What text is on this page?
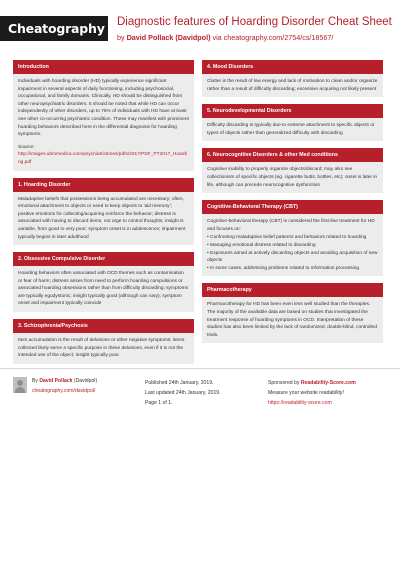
Cheatography Diagnostic features of Hoarding Disorder Cheat Sheet
by David Pollack (Davidpol) via cheatography.com/2754/cs/18567/
Introduction
Individuals with hoarding disorder (HD) typically experience significant impairment in several aspects of daily functioning, including psychosocial, occupational, and family domains. Clinically, HD should be distinguished from other neuropsychiatric disorders. It should be noted that while HD can occur independently of other disorders, up to 75% of individuals with HD have at least one other co-occurring psychiatric condition. These may manifest with prominent hoarding behaviors described here in the differential diagnosis for hoarding symptoms.
Source:
http://images.ubmmedica.com/psychiatrictimes/pdfs/2017/PDF_PT2017_Hoarding.pdf
1. Hoarding Disorder
Maladaptive beliefs that possessions being accumulated are necessary; often, emotional attachment to objects or need to keep objects to 'aid memory'; positive emotions for collecting/acquiring reinforce the behavior; distress is associated with having to discard items, not urge to control thoughts; insight is variable, from good to very poor; symptom onset is in adolescence; impairment typically begins in later adulthood
2. Obsessive Compulsive Disorder
Hoarding behaviors often associated with OCD themes such as contamination or fear of harm; distress arises from need to perform hoarding compulsions or associated hoarding obsessions rather than from difficulty discarding; symptoms are typically egodystonic; insight typically good (although can vary); symptom onset and impairment typically coincide
3. Schizophrenia/Psychosis
Item accumulation is the result of delusions or other negative symptoms; items collected likely serve a specific purpose in these delusions, even if it is not the intended use of the object; insight typically poor.
4. Mood Disorders
Clutter is the result of low energy and lack of motivation to clean and/or organize rather than a result of difficulty discarding; excessive acquiring not likely present
5. Neurodevelopmental Disorders
Difficulty discarding is typically due to extreme attachment to specific objects or types of objects rather than generalized difficulty with discarding
6. Neurocognitive Disorders & other Med conditions
Cognitive inability to properly organize objects/discard; may also see collectionism of specific objects (eg. cigarette butts, bottles, etc); onset is later in life, although can precede neurocognitive dysfunction
Cognitive-Behavioral Therapy (CBT)
Cognitive-behavioral therapy (CBT) is considered the first-line treatment for HD and focuses on:
• Confronting maladaptive belief patterns and behaviors related to hoarding
• Managing emotional distress related to discarding
• Exposures aimed at actively discarding objects and avoiding acquisition of new objects
• In some cases, addressing problems related to information processing
Pharmacotherapy
Pharmacotherapy for HD has been even less well studied than the therapies. The majority of the available data are based on studies that investigated the treatment response of hoarding symptoms in OCD. Interpretation of these studies has also been limited by the lack of randomized, double-blind, controlled trials.
By David Pollack (Davidpol)
cheatography.com/davidpol/
Published 24th January, 2019.
Last updated 24th January, 2019.
Page 1 of 1.
Sponsored by Readability-Score.com
Measure your website readability!
https://readability-score.com
